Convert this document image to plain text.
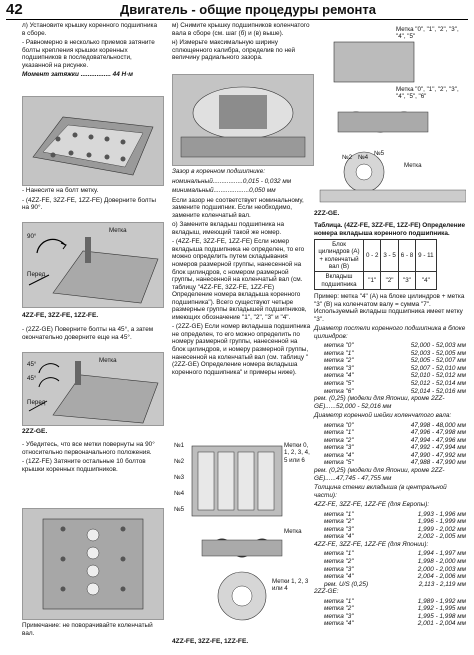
42	Двигатель - общие процедуры ремонта

л) Установите крышку коренного подшипника в сборе.

- Равномерно в несколько приемов затяните болты крепления крышки коренных подшипников в последовательности, указанной на рисунке.

Момент затяжки ................. 44 Н·м

- Нанесите на болт метку.

- (4ZZ-FE, 3ZZ-FE, 1ZZ-FE) Доверните болты на 90°.

90°
Метка
Перед
4ZZ-FE, 3ZZ-FE, 1ZZ-FE.

- (2ZZ-GE) Поверните болты на 45°, а затем окончательно доверните еще на 45°.

45°
45°
Метка
Перед
2ZZ-GE.

- Убедитесь, что все метки повернуты на 90° относительно первоначального положения.

- (1ZZ-FE) Затяните остальные 10 болтов крышки коренных подшипников.

Примечание: не поворачивайте коленчатый вал.

м) Снимите крышку подшипников коленчатого вала в сборе (см. шаг (б) и (в) выше).

н) Измерьте максимальную ширину сплющенного калибра, определив по ней величину радиального зазора.

Зазор в коренном подшипнике:

номинальный.................0,015 - 0,032 мм

минимальный....................0,050 мм

Если зазор не соответствует номинальному, замените подшипник. Если необходимо, замените коленчатый вал.

о) Замените вкладыш подшипника на вкладыш, имеющий такой же номер.

- (4ZZ-FE, 3ZZ-FE, 1ZZ-FE) Если номер вкладыша подшипника не определен, то его можно определить путем складывания номеров размерной группы, нанесенной на блок цилиндров, с номером размерной группы, нанесенной на коленчатый вал (см. таблицу "4ZZ-FE, 3ZZ-FE, 1ZZ-FE) Определение номера вкладыша коренного подшипника"). Всего существуют четыре размерные группы вкладышей подшипников, имеющих обозначение "1", "2", "3" и "4".

- (2ZZ-GE) Если номер вкладыша подшипника не определен, то его можно определить по номеру размерной группы, нанесенной на блок цилиндров, и номеру размерной группы, нанесенной на коленчатый вал (см. таблицу "(2ZZ-GE) Определение номера вкладыша коренного подшипника" и примеры ниже).

№1
№2
№3
№4
№5
Метки 0, 1, 2, 3, 4, 5 или 6
Метка
Метки 1, 2, 3 или 4
4ZZ-FE, 3ZZ-FE, 1ZZ-FE.
Метка "0", "1", "2", "3", "4", "5"
Метка "0", "1", "2", "3", "4", "5", "6"
№2 №4
Метка
№5
2ZZ-GE.

Таблица. (4ZZ-FE, 3ZZ-FE, 1ZZ-FE) Определение номера вкладыша коренного подшипника.

Блок цилиндров (А) + коленчатый вал (В)	0 - 2	3 - 5	6 - 8	9 - 11
Вкладыш подшипника	"1"	"2"	"3"	"4"

Пример: метка "4" (А) на блоке цилиндров + метка "3" (В) на коленчатом валу = сумма "7". Используемый вкладыш подшипника имеет метку "3".

Диаметр постели коренного подшипника в блоке цилиндров:

метка "0"	52,000 - 52,003 мм
метка "1"	52,003 - 52,005 мм
метка "2"	52,005 - 52,007 мм
метка "3"	52,007 - 52,010 мм
метка "4"	52,010 - 52,012 мм
метка "5"	52,012 - 52,014 мм
метка "6"	52,014 - 52,016 мм

рем. (0,25) (модели для Японии, кроме 2ZZ-GE)......52,000 - 52,016 мм

Диаметр коренной шейки коленчатого вала:

метка "0"	47,998 - 48,000 мм
метка "1"	47,996 - 47,998 мм
метка "2"	47,994 - 47,996 мм
метка "3"	47,992 - 47,994 мм
метка "4"	47,990 - 47,992 мм
метка "5"	47,988 - 47,990 мм

рем. (0,25) (модели для Японии, кроме 2ZZ-GE)......47,745 - 47,755 мм

Толщина стенки вкладыша (в центральной части):

4ZZ-FE, 3ZZ-FE, 1ZZ-FE (для Европы):

метка "1"	1,993 - 1,996 мм
метка "2"	1,996 - 1,999 мм
метка "3"	1,999 - 2,002 мм
метка "4"	2,002 - 2,005 мм

4ZZ-FE, 3ZZ-FE, 1ZZ-FE (для Японии):

метка "1"	1,994 - 1,997 мм
метка "2"	1,998 - 2,000 мм
метка "3"	2,000 - 2,003 мм
метка "4"	2,004 - 2,006 мм
рем. U/S (0,25)	2,113 - 2,119 мм

2ZZ-GE:

метка "1"	1,989 - 1,992 мм
метка "2"	1,992 - 1,995 мм
метка "3"	1,995 - 1,998 мм
метка "4"	2,001 - 2,004 мм
